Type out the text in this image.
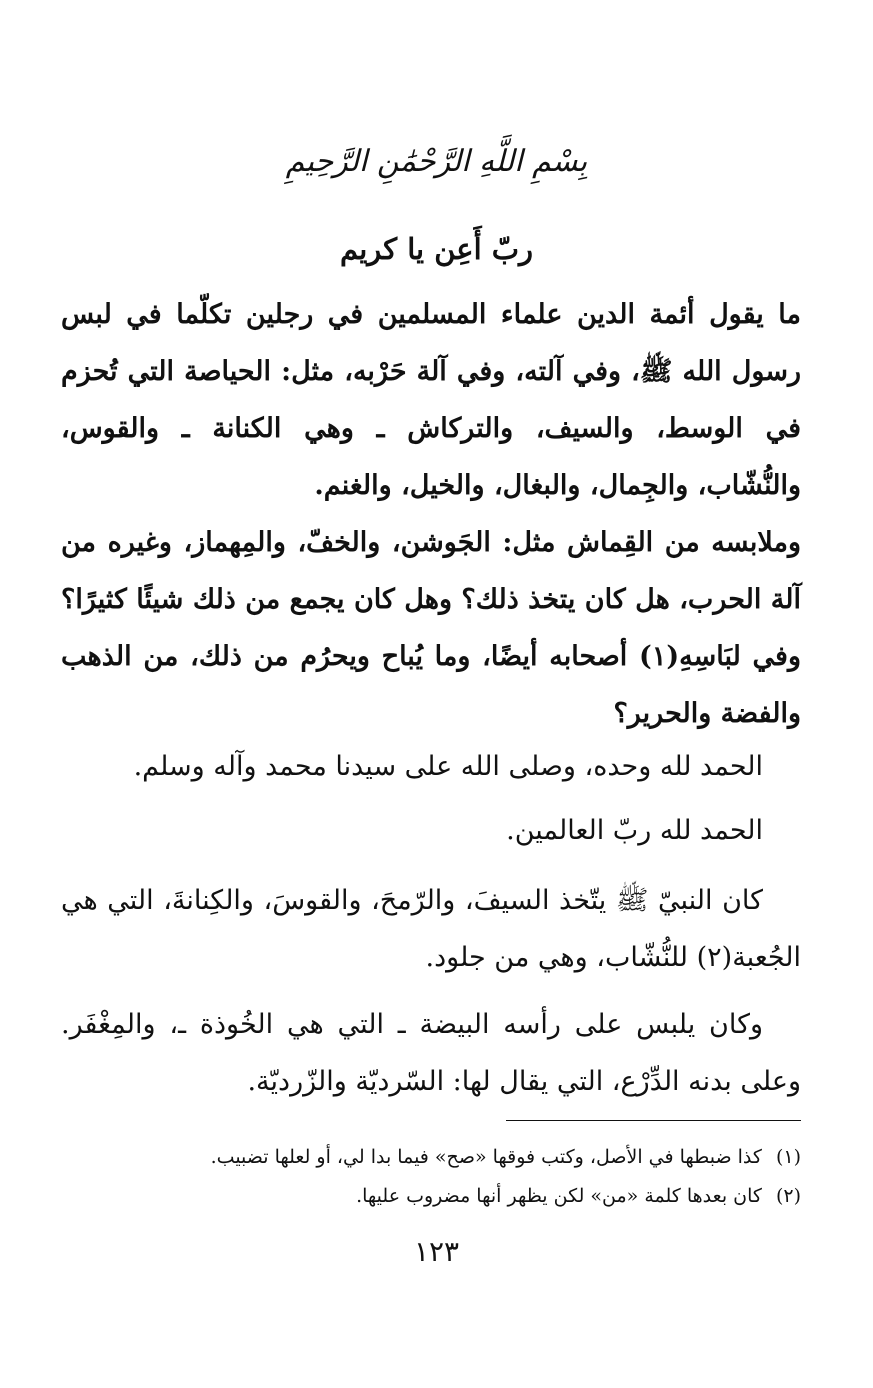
بِسْمِ اللَّهِ الرَّحْمَٰنِ الرَّحِيمِ
ربّ أَعِن يا كريم
ما يقول أئمة الدين علماء المسلمين في رجلين تكلّما في لبس رسول الله ﷺ، وفي آلته، وفي آلة حَرْبه، مثل: الحياصة التي تُحزم في الوسط، والسيف، والتركاش ـ وهي الكنانة ـ والقوس، والنُّشّاب، والجِمال، والبغال، والخيل، والغنم.
وملابسه من القِماش مثل: الجَوشن، والخفّ، والمِهماز، وغيره من آلة الحرب، هل كان يتخذ ذلك؟ وهل كان يجمع من ذلك شيئًا كثيرًا؟ وفي لبَاسِهِ(١) أصحابه أيضًا، وما يُباح ويحرُم من ذلك، من الذهب والفضة والحرير؟
الحمد لله وحده، وصلى الله على سيدنا محمد وآله وسلم.
الحمد لله ربّ العالمين.
كان النبيّ ﷺ يتّخذ السيفَ، والرّمحَ، والقوسَ، والكِنانةَ، التي هي الجُعبة(٢) للنُّشّاب، وهي من جلود.
وكان يلبس على رأسه البيضة ـ التي هي الخُوذة ـ، والمِغْفَر. وعلى بدنه الدِّرْع، التي يقال لها: السّرديّة والزّرديّة.
(١)كذا ضبطها في الأصل، وكتب فوقها «صح» فيما بدا لي، أو لعلها تضبيب.
(٢)كان بعدها كلمة «من» لكن يظهر أنها مضروب عليها.
١٢٣
